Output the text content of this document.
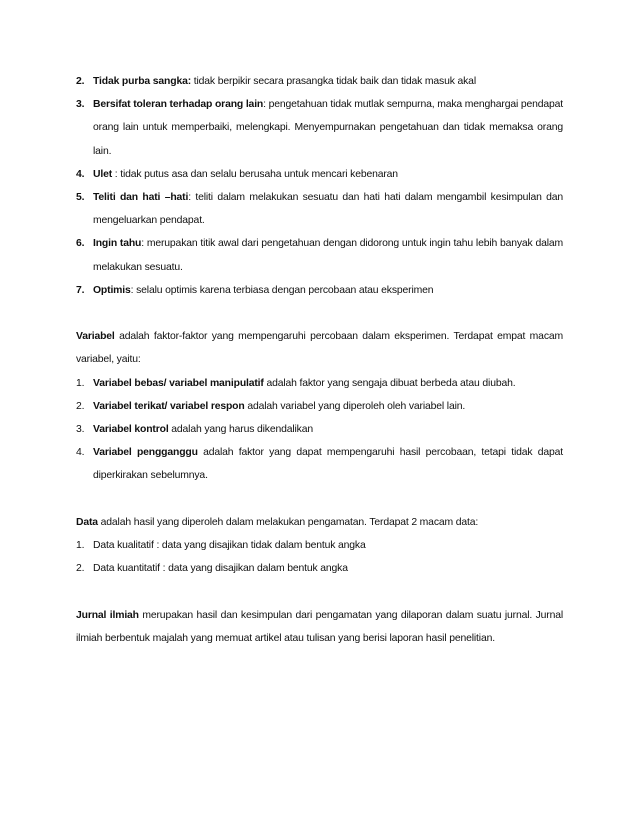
2. Tidak purba sangka: tidak berpikir secara prasangka tidak baik dan tidak masuk akal
3. Bersifat toleran terhadap orang lain: pengetahuan tidak mutlak sempurna, maka menghargai pendapat orang lain untuk memperbaiki, melengkapi. Menyempurnakan pengetahuan dan tidak memaksa orang lain.
4. Ulet : tidak putus asa dan selalu berusaha untuk mencari kebenaran
5. Teliti dan hati –hati: teliti dalam melakukan sesuatu dan hati hati dalam mengambil kesimpulan dan mengeluarkan pendapat.
6. Ingin tahu: merupakan titik awal dari pengetahuan dengan didorong untuk ingin tahu lebih banyak dalam melakukan sesuatu.
7. Optimis: selalu optimis karena terbiasa dengan percobaan atau eksperimen
Variabel adalah faktor-faktor yang mempengaruhi percobaan dalam eksperimen. Terdapat empat macam variabel, yaitu:
1. Variabel bebas/ variabel manipulatif adalah faktor yang sengaja dibuat berbeda atau diubah.
2. Variabel terikat/ variabel respon adalah variabel yang diperoleh oleh variabel lain.
3. Variabel kontrol adalah yang harus dikendalikan
4. Variabel pengganggu adalah faktor yang dapat mempengaruhi hasil percobaan, tetapi tidak dapat diperkirakan sebelumnya.
Data adalah hasil yang diperoleh dalam melakukan pengamatan. Terdapat 2 macam data:
1. Data kualitatif : data yang disajikan tidak dalam bentuk angka
2. Data kuantitatif : data yang disajikan dalam bentuk angka
Jurnal ilmiah merupakan hasil dan kesimpulan dari pengamatan yang dilaporan dalam suatu jurnal. Jurnal ilmiah berbentuk majalah yang memuat artikel atau tulisan yang berisi laporan hasil penelitian.
